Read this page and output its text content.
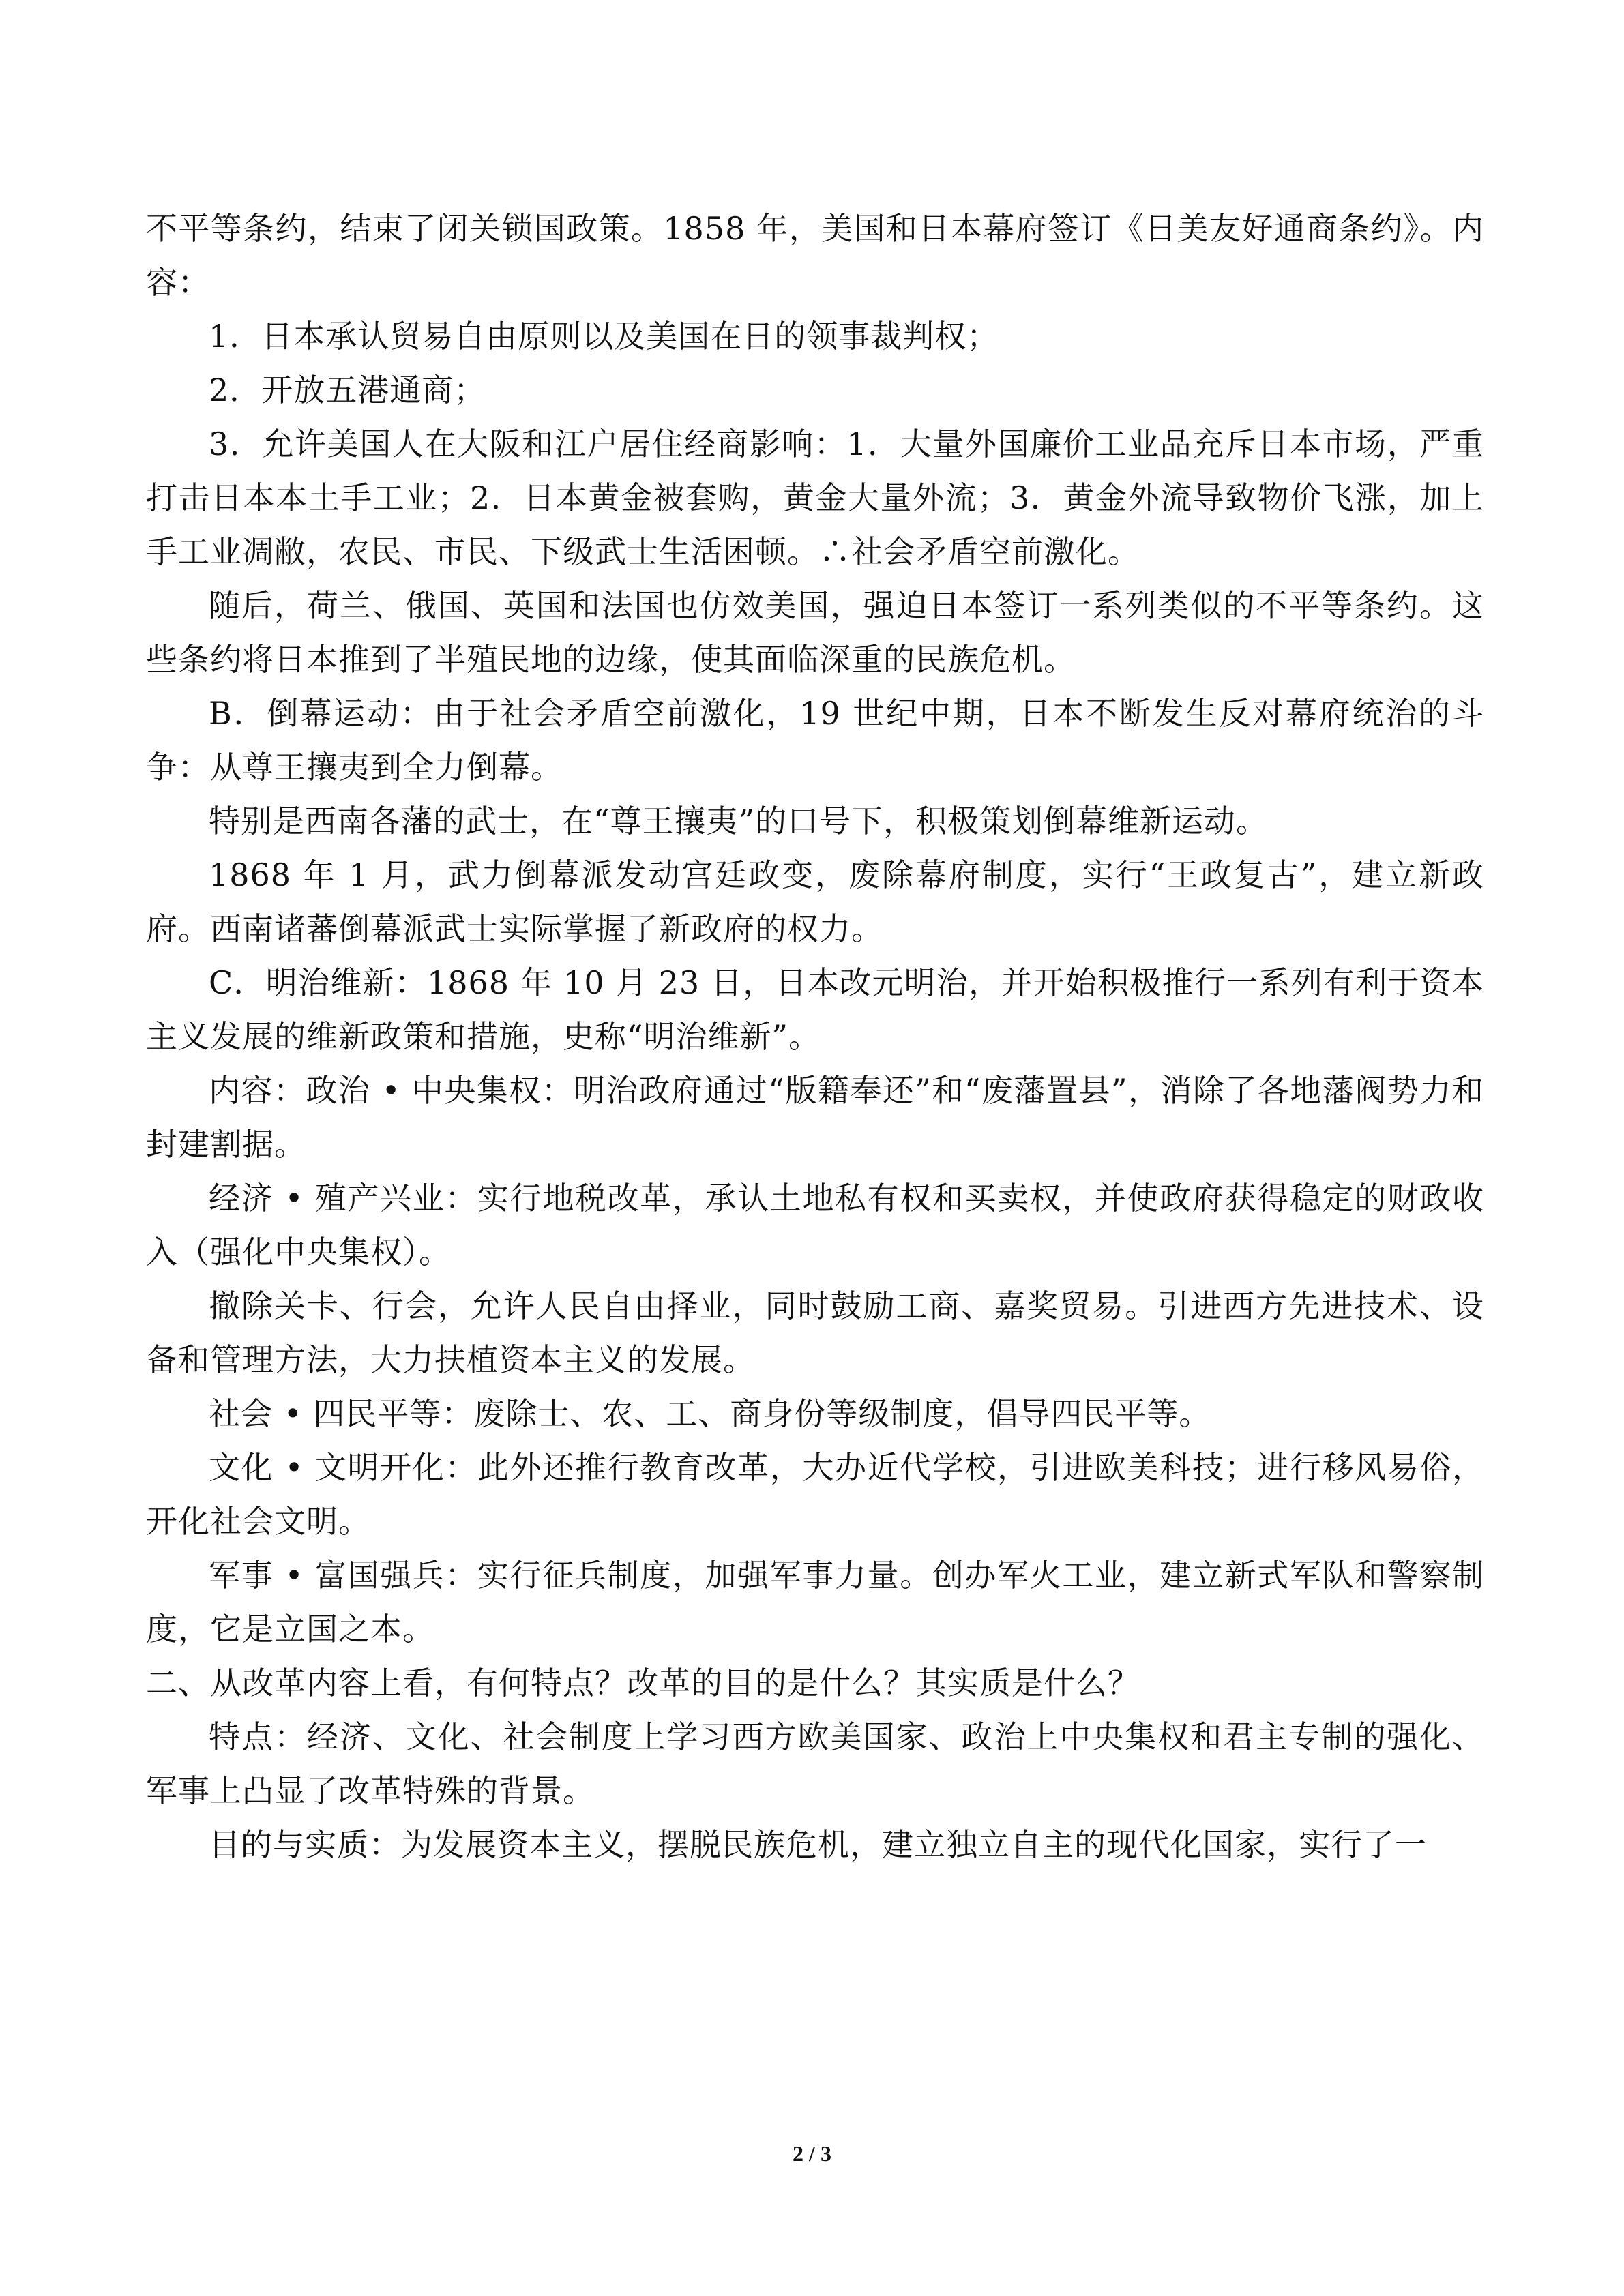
不平等条约，结束了闭关锁国政策。1858 年，美国和日本幕府签订《日美友好通商条约》。内容：

1．日本承认贸易自由原则以及美国在日的领事裁判权；

2．开放五港通商；

3．允许美国人在大阪和江户居住经商影响：1．大量外国廉价工业品充斥日本市场，严重打击日本本土手工业；2．日本黄金被套购，黄金大量外流；3．黄金外流导致物价飞涨，加上手工业凋敝，农民、市民、下级武士生活困顿。∴社会矛盾空前激化。

随后，荷兰、俄国、英国和法国也仿效美国，强迫日本签订一系列类似的不平等条约。这些条约将日本推到了半殖民地的边缘，使其面临深重的民族危机。

B．倒幕运动：由于社会矛盾空前激化，19 世纪中期，日本不断发生反对幕府统治的斗争：从尊王攘夷到全力倒幕。

特别是西南各藩的武士，在“尊王攘夷”的口号下，积极策划倒幕维新运动。

1868 年 1 月，武力倒幕派发动宫廷政变，废除幕府制度，实行“王政复古”，建立新政府。西南诸蕃倒幕派武士实际掌握了新政府的权力。

C．明治维新：1868 年 10 月 23 日，日本改元明治，并开始积极推行一系列有利于资本主义发展的维新政策和措施，史称“明治维新”。

内容：政治 • 中央集权：明治政府通过“版籍奉还”和“废藩置县”，消除了各地藩阀势力和封建割据。

经济 • 殖产兴业：实行地税改革，承认土地私有权和买卖权，并使政府获得稳定的财政收入（强化中央集权）。

撤除关卡、行会，允许人民自由择业，同时鼓励工商、嘉奖贸易。引进西方先进技术、设备和管理方法，大力扶植资本主义的发展。

社会 • 四民平等：废除士、农、工、商身份等级制度，倡导四民平等。

文化 • 文明开化：此外还推行教育改革，大办近代学校，引进欧美科技；进行移风易俗，开化社会文明。

军事 • 富国强兵：实行征兵制度，加强军事力量。创办军火工业，建立新式军队和警察制度，它是立国之本。

二、从改革内容上看，有何特点？改革的目的是什么？其实质是什么？

特点：经济、文化、社会制度上学习西方欧美国家、政治上中央集权和君主专制的强化、军事上凸显了改革特殊的背景。

目的与实质：为发展资本主义，摆脱民族危机，建立独立自主的现代化国家，实行了一

2 / 3
